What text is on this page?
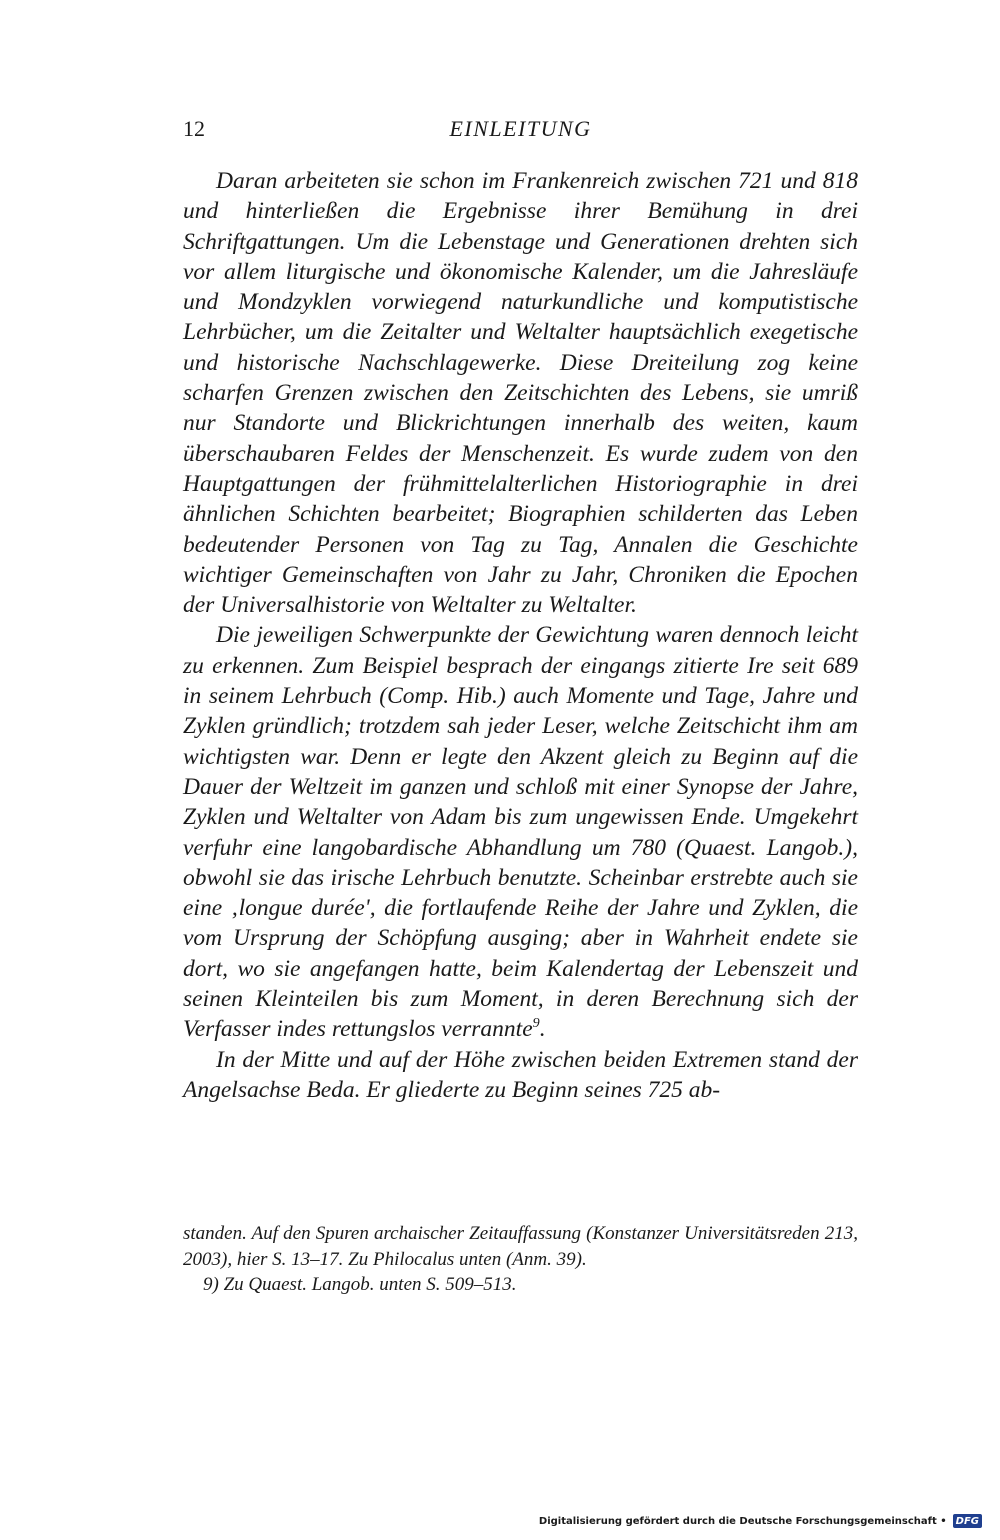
12	EINLEITUNG

Daran arbeiteten sie schon im Frankenreich zwischen 721 und 818 und hinterließen die Ergebnisse ihrer Bemühung in drei Schriftgattungen. Um die Lebenstage und Generationen drehten sich vor allem liturgische und ökonomische Kalender, um die Jahresläufe und Mondzyklen vorwiegend naturkundliche und komputistische Lehrbücher, um die Zeitalter und Weltalter hauptsächlich exegetische und historische Nachschlagewerke. Diese Dreiteilung zog keine scharfen Grenzen zwischen den Zeitschichten des Lebens, sie umriß nur Standorte und Blickrichtungen innerhalb des weiten, kaum überschaubaren Feldes der Menschenzeit. Es wurde zudem von den Hauptgattungen der frühmittelalterlichen Historiographie in drei ähnlichen Schichten bearbeitet; Biographien schilderten das Leben bedeutender Personen von Tag zu Tag, Annalen die Geschichte wichtiger Gemeinschaften von Jahr zu Jahr, Chroniken die Epochen der Universalhistorie von Weltalter zu Weltalter.

Die jeweiligen Schwerpunkte der Gewichtung waren dennoch leicht zu erkennen. Zum Beispiel besprach der eingangs zitierte Ire seit 689 in seinem Lehrbuch (Comp. Hib.) auch Momente und Tage, Jahre und Zyklen gründlich; trotzdem sah jeder Leser, welche Zeitschicht ihm am wichtigsten war. Denn er legte den Akzent gleich zu Beginn auf die Dauer der Weltzeit im ganzen und schloß mit einer Synopse der Jahre, Zyklen und Weltalter von Adam bis zum ungewissen Ende. Umgekehrt verfuhr eine langobardische Abhandlung um 780 (Quaest. Langob.), obwohl sie das irische Lehrbuch benutzte. Scheinbar erstrebte auch sie eine ‚longue durée', die fortlaufende Reihe der Jahre und Zyklen, die vom Ursprung der Schöpfung ausging; aber in Wahrheit endete sie dort, wo sie angefangen hatte, beim Kalendertag der Lebenszeit und seinen Kleinteilen bis zum Moment, in deren Berechnung sich der Verfasser indes rettungslos verrannte$^9$.

In der Mitte und auf der Höhe zwischen beiden Extremen stand der Angelsachse Beda. Er gliederte zu Beginn seines 725 ab-

standen. Auf den Spuren archaischer Zeitauffassung (Konstanzer Universitätsreden 213, 2003), hier S. 13–17. Zu Philocalus unten (Anm. 39).

9) Zu Quaest. Langob. unten S. 509–513.

Digitalisierung gefördert durch die Deutsche Forschungsgemeinschaft • DFG
